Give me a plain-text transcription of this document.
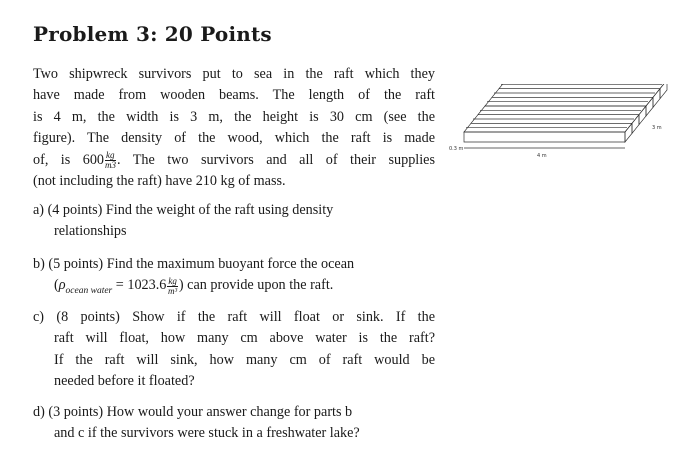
Problem 3: 20 Points
Two shipwreck survivors put to sea in the raft which they
have made from wooden beams. The length of the raft
is 4 m, the width is 3 m, the height is 30 cm (see the
figure). The density of the wood, which the raft is made
of, is $600 \frac{kg}{m3}$ . The two survivors and all of their supplies
(not including the raft) have 210 kg of mass.
a) (4 points) Find the weight of the raft using density
relationships
b) (5 points) Find the maximum buoyant force the ocean
($\rho_{ocean water} = 1023.6 \frac{kg}{\text{m³}}$ ) can provide upon the raft.
c) (8 points) Show if the raft will float or sink. If the
raft will float, how many cm above water is the raft?
If the raft will sink, how many cm of raft would be
needed before it floated?
d) (3 points) How would your answer change for parts b
and c if the survivors were stuck in a freshwater lake?
0.3 m
4 m
3 m
